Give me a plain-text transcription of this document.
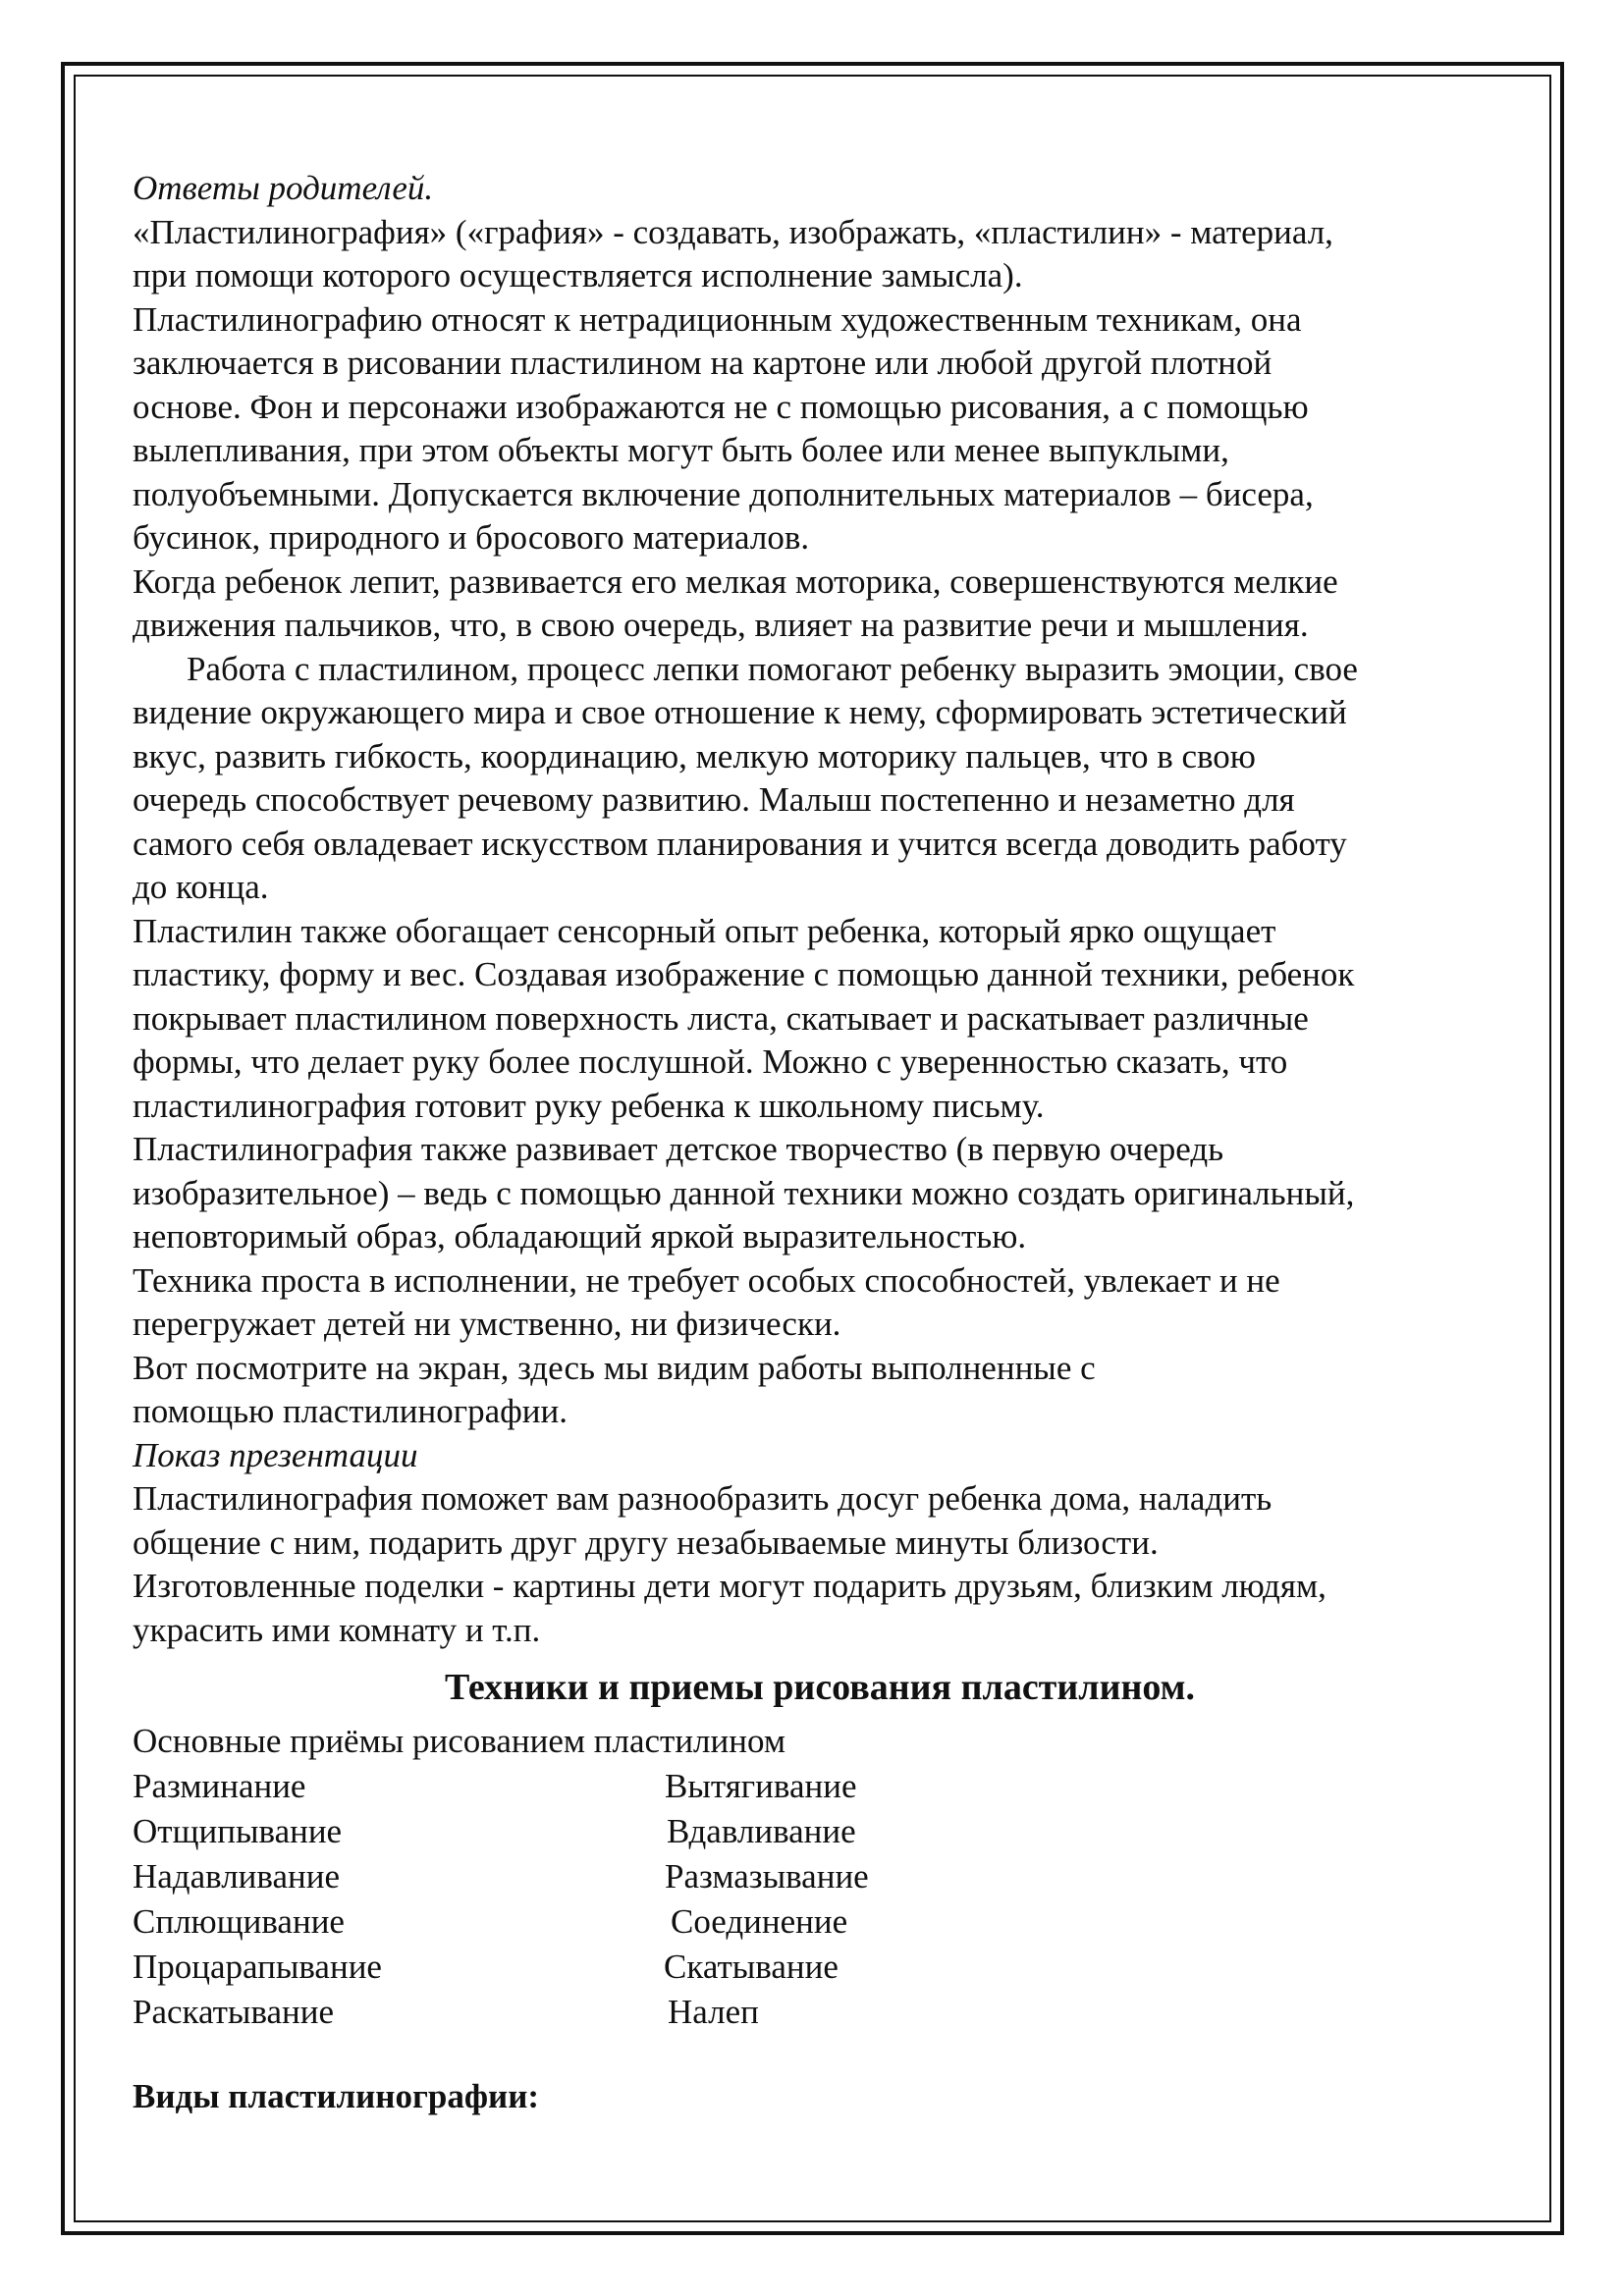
Ответы родителей.
«Пластилинография» («графия» - создавать, изображать, «пластилин» - материал,
при помощи которого осуществляется исполнение замысла).
Пластилинографию относят к нетрадиционным художественным техникам, она
заключается в рисовании пластилином на картоне или любой другой плотной
основе. Фон и персонажи изображаются не с помощью рисования, а с помощью
вылепливания, при этом объекты могут быть более или менее выпуклыми,
полуобъемными. Допускается включение дополнительных материалов – бисера,
бусинок, природного и бросового материалов.
Когда ребенок лепит, развивается его мелкая моторика, совершенствуются мелкие
движения пальчиков, что, в свою очередь, влияет на развитие речи и мышления.
Работа с пластилином, процесс лепки помогают ребенку выразить эмоции, свое
видение окружающего мира и свое отношение к нему, сформировать эстетический
вкус, развить гибкость, координацию, мелкую моторику пальцев, что в свою
очередь способствует речевому развитию. Малыш постепенно и незаметно для
самого себя овладевает искусством планирования и учится всегда доводить работу
до конца.
Пластилин также обогащает сенсорный опыт ребенка, который ярко ощущает
пластику, форму и вес. Создавая изображение с помощью данной техники, ребенок
покрывает пластилином поверхность листа, скатывает и раскатывает различные
формы, что делает руку более послушной. Можно с уверенностью сказать, что
пластилинография готовит руку ребенка к школьному письму.
Пластилинография также развивает детское творчество (в первую очередь
изобразительное) – ведь с помощью данной техники можно создать оригинальный,
неповторимый образ, обладающий яркой выразительностью.
Техника проста в исполнении, не требует особых способностей, увлекает и не
перегружает детей ни умственно, ни физически.
Вот посмотрите на экран, здесь мы видим работы выполненные с
помощью пластилинографии.
Показ презентации
Пластилинография поможет вам разнообразить досуг ребенка дома, наладить
общение с ним, подарить друг другу незабываемые минуты близости.
Изготовленные поделки - картины дети могут подарить друзьям, близким людям,
украсить ими комнату и т.п.
Техники и приемы рисования пластилином.
Основные приёмы рисованием пластилином
Разминание	Вытягивание
Отщипывание	Вдавливание
Надавливание	Размазывание
Сплющивание	Соединение
Процарапывание	Скатывание
Раскатывание	Налеп
Виды пластилинографии:
